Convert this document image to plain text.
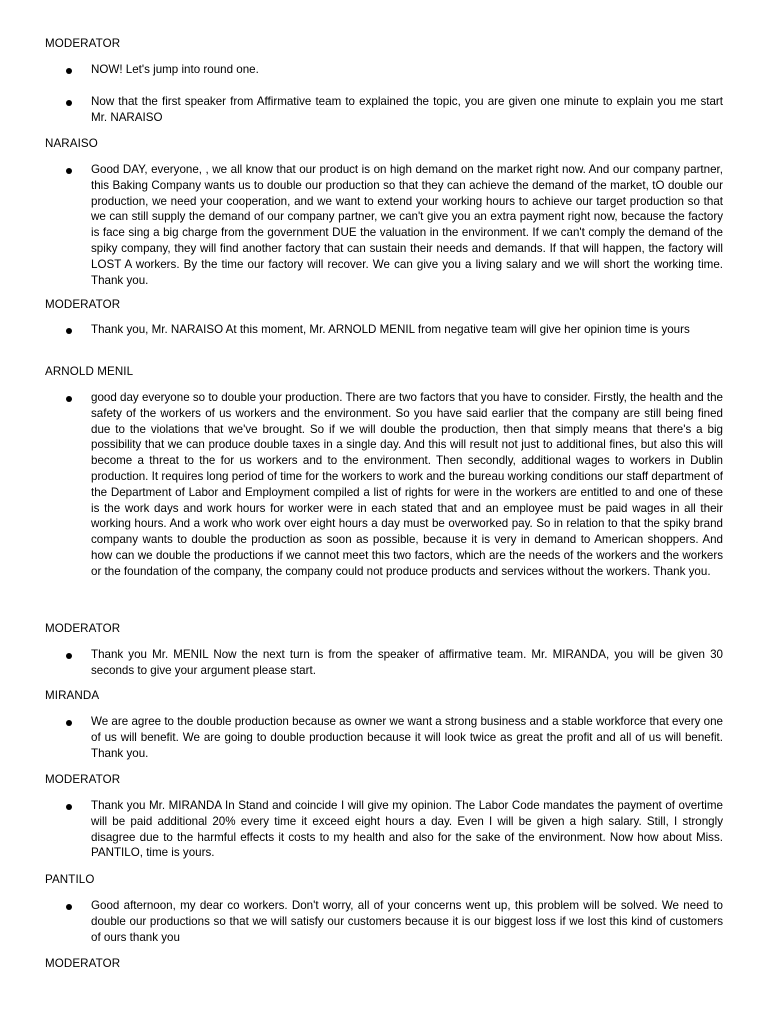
MODERATOR
NOW! Let's jump into round one.
Now that the first speaker from Affirmative team to explained the topic, you are given one minute to explain you me start Mr. NARAISO
NARAISO
Good DAY, everyone, , we all know that our product is on high demand on the market right now. And our company partner, this Baking Company wants us to double our production so that they can achieve the demand of the market, tO double our production, we need your cooperation, and we want to extend your working hours to achieve our target production so that we can still supply the demand of our company partner, we can't give you an extra payment right now, because the factory is face sing a big charge from the government DUE the valuation in the environment. If we can't comply the demand of the spiky company, they will find another factory that can sustain their needs and demands. If that will happen, the factory will LOST A workers. By the time our factory will recover. We can give you a living salary and we will short the working time. Thank you.
MODERATOR
Thank you, Mr. NARAISO At this moment, Mr. ARNOLD MENIL from negative team will give her opinion time is yours
ARNOLD MENIL
good day everyone so to double your production. There are two factors that you have to consider. Firstly, the health and the safety of the workers of us workers and the environment. So you have said earlier that the company are still being fined due to the violations that we've brought. So if we will double the production, then that simply means that there's a big possibility that we can produce double taxes in a single day. And this will result not just to additional fines, but also this will become a threat to the for us workers and to the environment. Then secondly, additional wages to workers in Dublin production. It requires long period of time for the workers to work and the bureau working conditions our staff department of the Department of Labor and Employment compiled a list of rights for were in the workers are entitled to and one of these is the work days and work hours for worker were in each stated that and an employee must be paid wages in all their working hours. And a work who work over eight hours a day must be overworked pay. So in relation to that the spiky brand company wants to double the production as soon as possible, because it is very in demand to American shoppers. And how can we double the productions if we cannot meet this two factors, which are the needs of the workers and the workers or the foundation of the company, the company could not produce products and services without the workers. Thank you.
MODERATOR
Thank you Mr. MENIL Now the next turn is from the speaker of affirmative team. Mr. MIRANDA, you will be given 30 seconds to give your argument please start.
MIRANDA
We are agree to the double production because as owner we want a strong business and a stable workforce that every one of us will benefit. We are going to double production because it will look twice as great the profit and all of us will benefit. Thank you.
MODERATOR
Thank you Mr. MIRANDA In Stand and coincide I will give my opinion. The Labor Code mandates the payment of overtime will be paid additional 20% every time it exceed eight hours a day. Even I will be given a high salary. Still, I strongly disagree due to the harmful effects it costs to my health and also for the sake of the environment. Now how about Miss. PANTILO, time is yours.
PANTILO
Good afternoon, my dear co workers. Don't worry, all of your concerns went up, this problem will be solved. We need to double our productions so that we will satisfy our customers because it is our biggest loss if we lost this kind of customers of ours thank you
MODERATOR
